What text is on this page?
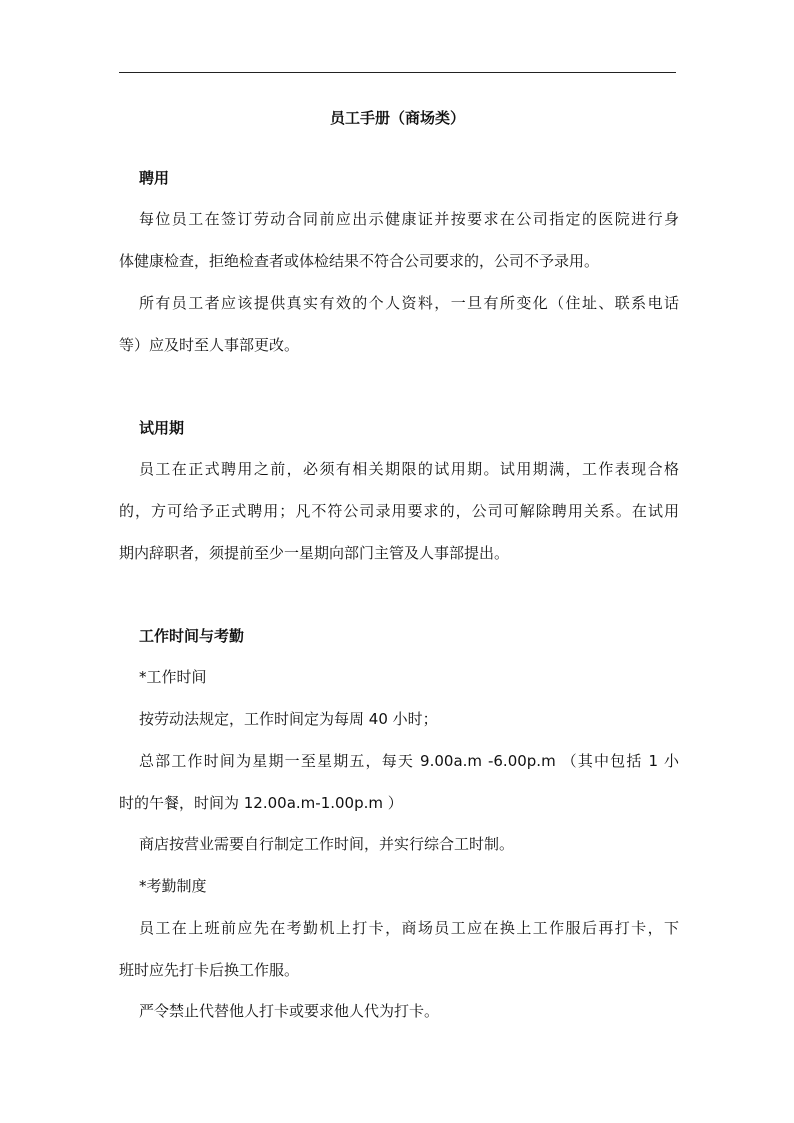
员工手册（商场类）
聘用
每位员工在签订劳动合同前应出示健康证并按要求在公司指定的医院进行身
体健康检查，拒绝检查者或体检结果不符合公司要求的，公司不予录用。
所有员工者应该提供真实有效的个人资料，一旦有所变化（住址、联系电话
等）应及时至人事部更改。
试用期
员工在正式聘用之前，必须有相关期限的试用期。试用期满，工作表现合格
的，方可给予正式聘用；凡不符公司录用要求的，公司可解除聘用关系。在试用
期内辞职者，须提前至少一星期向部门主管及人事部提出。
工作时间与考勤
*工作时间
按劳动法规定，工作时间定为每周 40 小时；
总部工作时间为星期一至星期五，每天 9.00a.m -6.00p.m （其中包括 1 小
时的午餐，时间为 12.00a.m-1.00p.m ）
商店按营业需要自行制定工作时间，并实行综合工时制。
*考勤制度
员工在上班前应先在考勤机上打卡，商场员工应在换上工作服后再打卡，下
班时应先打卡后换工作服。
严令禁止代替他人打卡或要求他人代为打卡。
